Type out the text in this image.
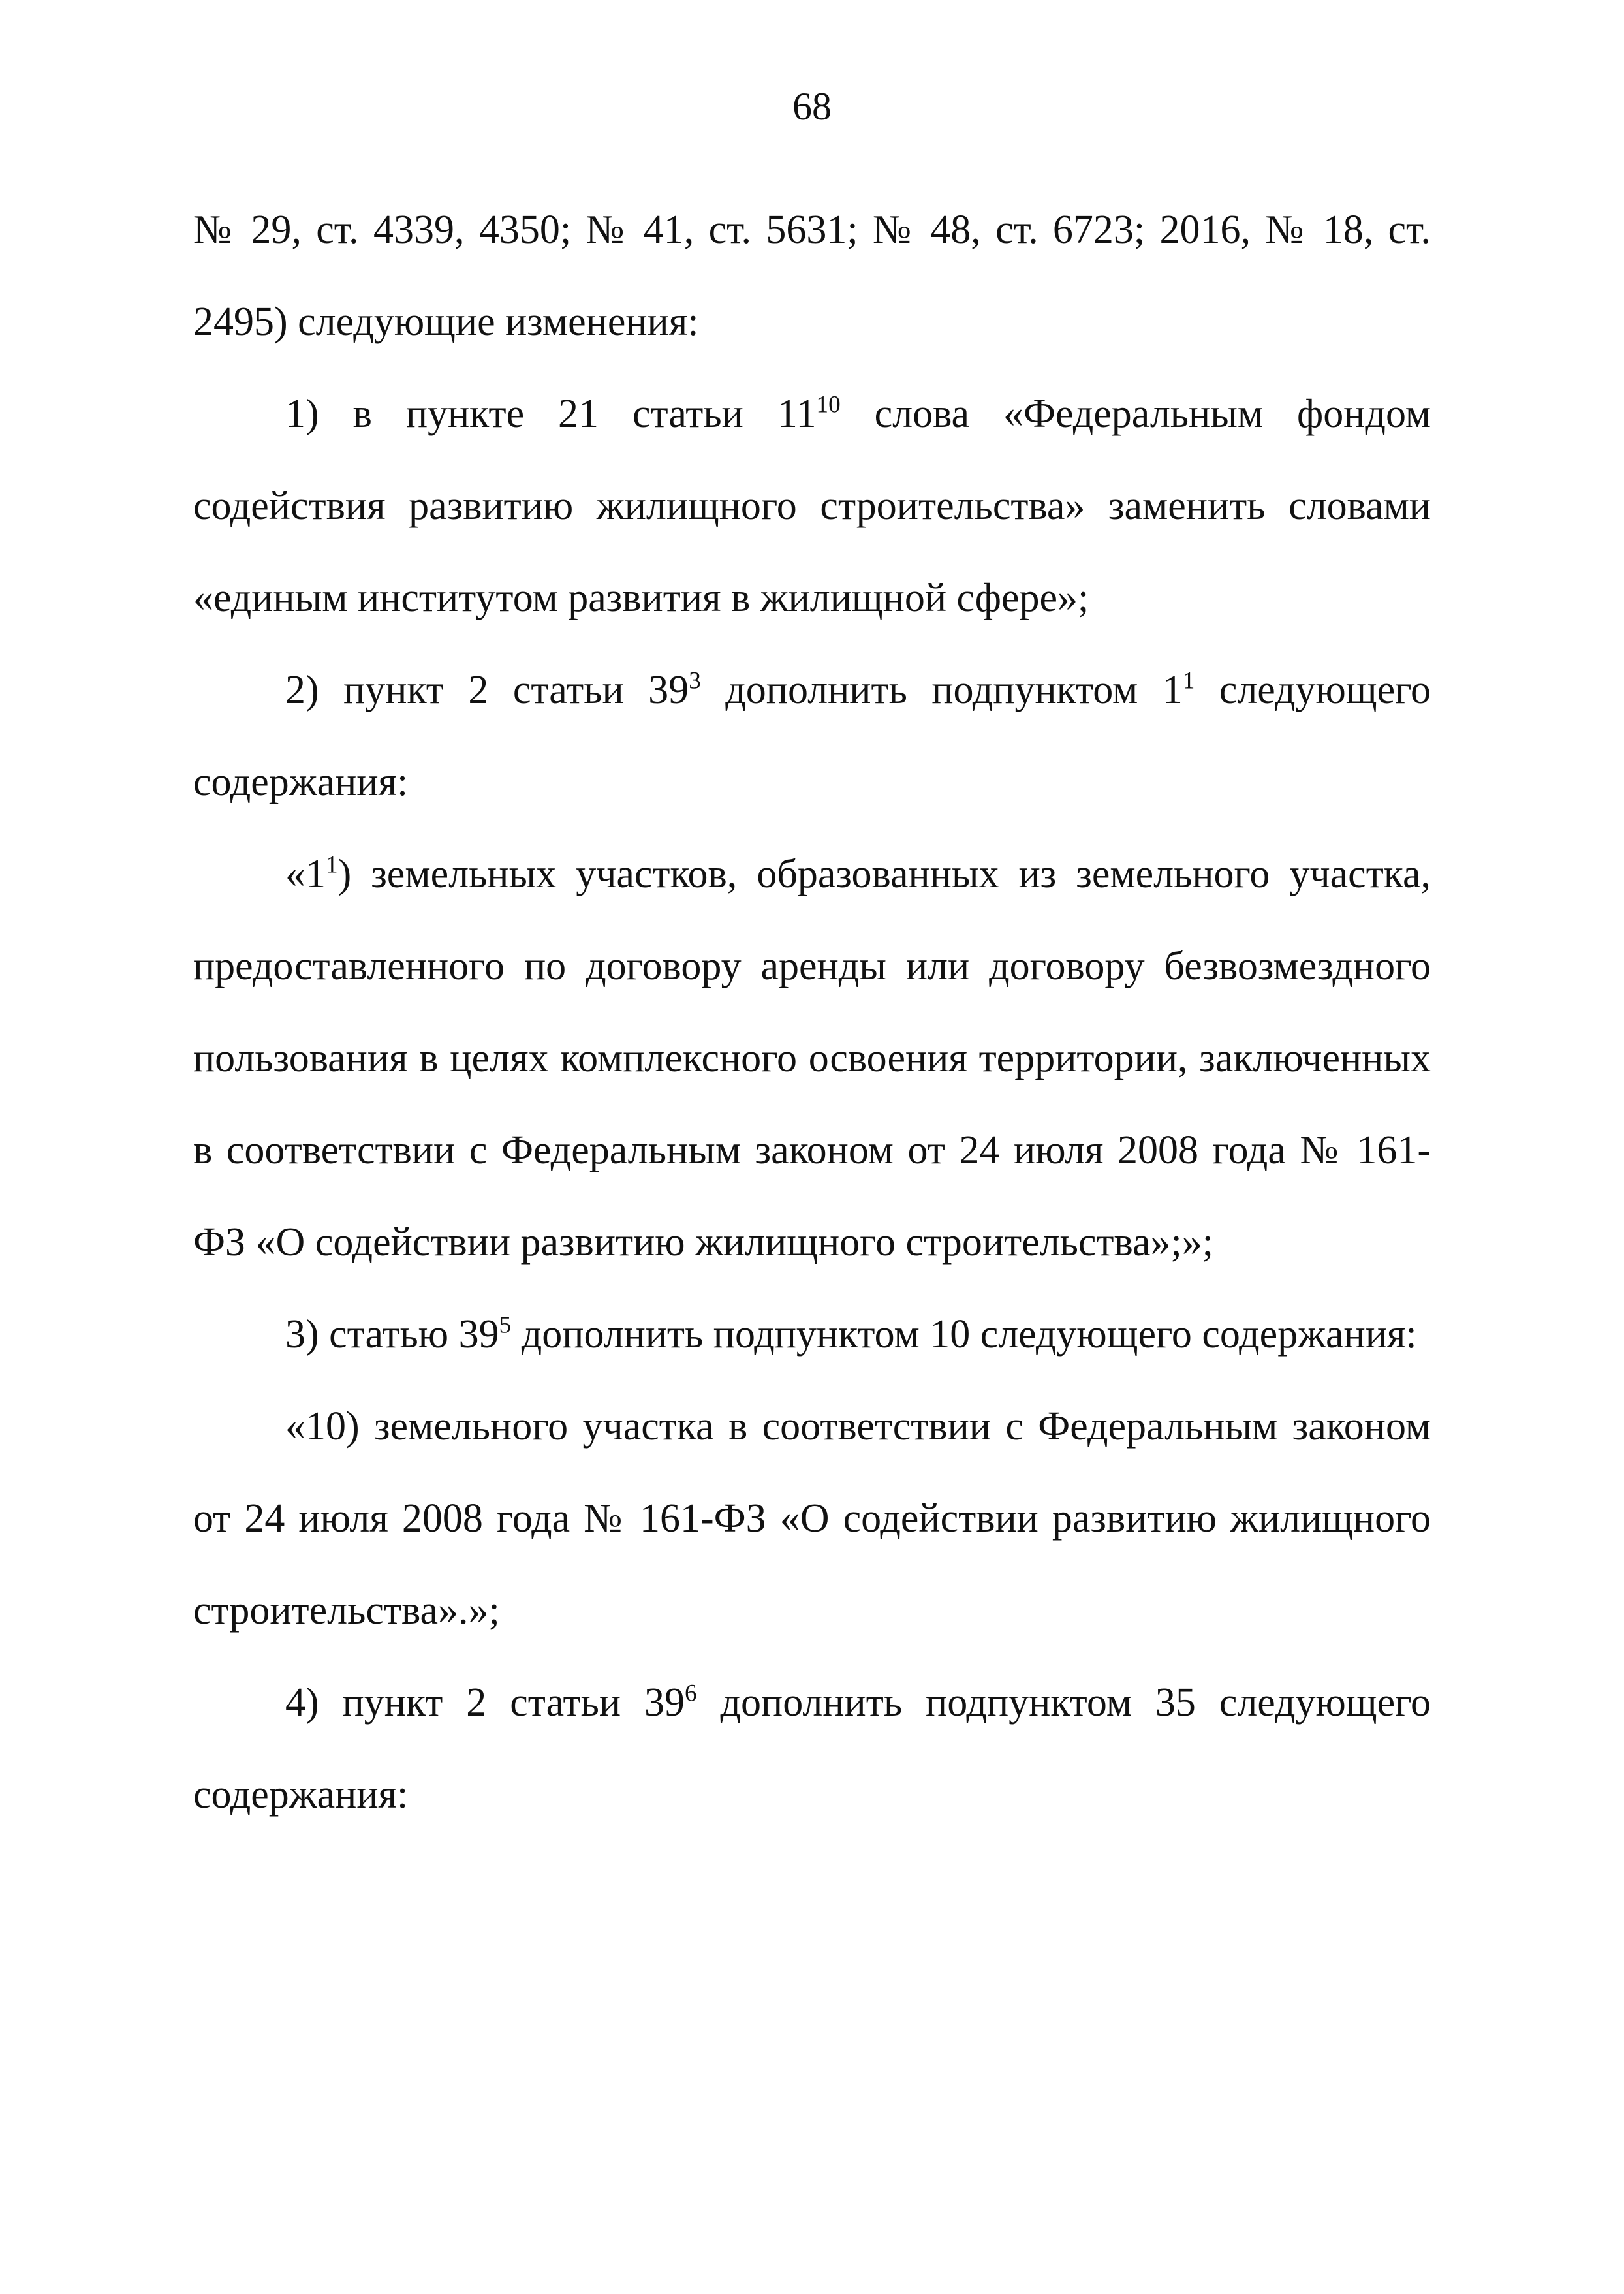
68

№ 29, ст. 4339, 4350; № 41, ст. 5631; № 48, ст. 6723; 2016, № 18, ст. 2495) следующие изменения:

1) в пункте 21 статьи $11^{10}$ слова «Федеральным фондом содействия развитию жилищного строительства» заменить словами «единым институтом развития в жилищной сфере»;

2) пункт 2 статьи $39^3$ дополнить подпунктом $1^1$ следующего содержания:

«$1^1$) земельных участков, образованных из земельного участка, предоставленного по договору аренды или договору безвозмездного пользования в целях комплексного освоения территории, заключенных в соответствии с Федеральным законом от 24 июля 2008 года № 161-ФЗ «О содействии развитию жилищного строительства»;»;

3) статью $39^5$ дополнить подпунктом 10 следующего содержания:

«10) земельного участка в соответствии с Федеральным законом от 24 июля 2008 года № 161-ФЗ «О содействии развитию жилищного строительства».»;

4) пункт 2 статьи $39^6$ дополнить подпунктом 35 следующего содержания:
